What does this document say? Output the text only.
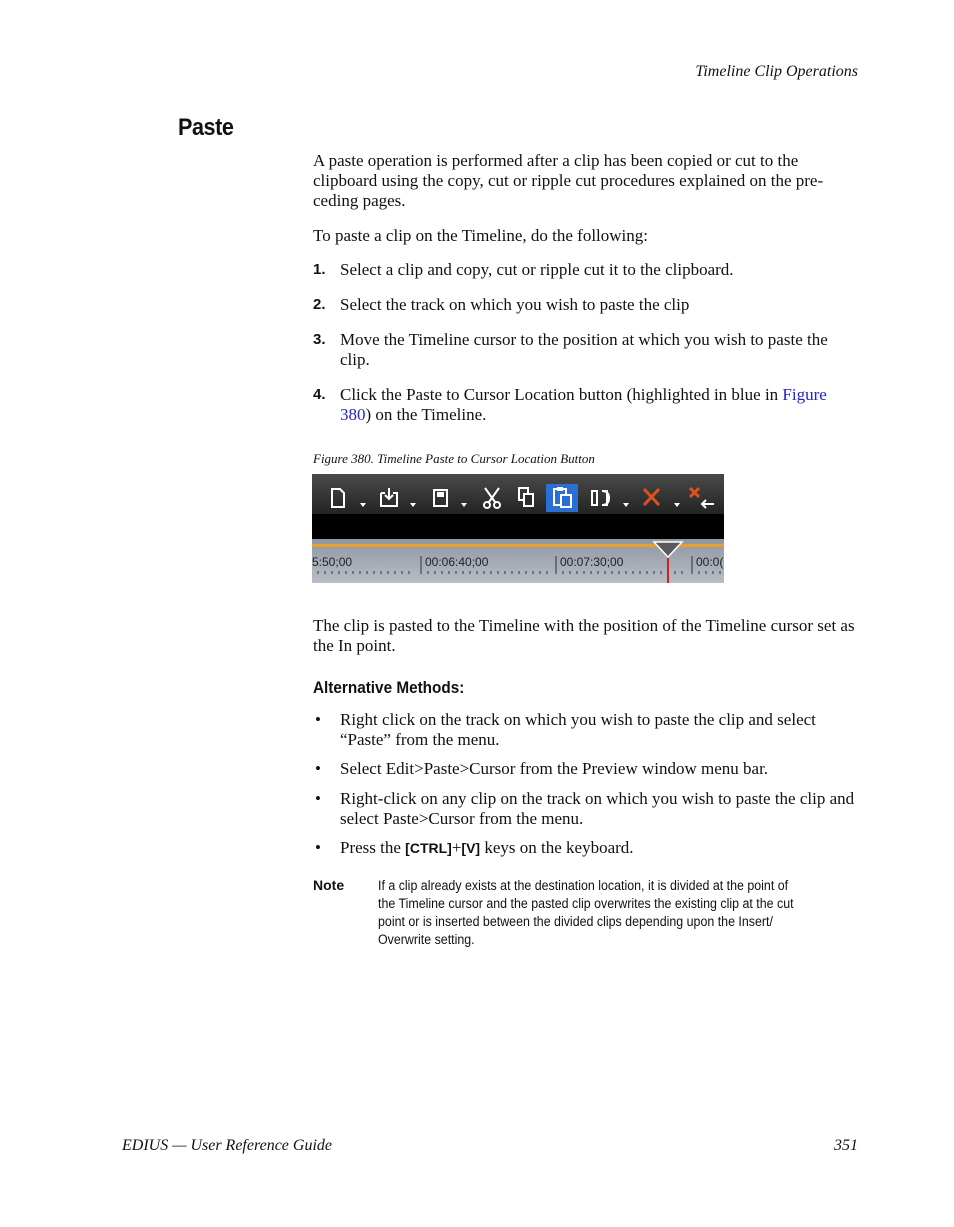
Timeline Clip Operations
Paste

A paste operation is performed after a clip has been copied or cut to the clipboard using the copy, cut or ripple cut procedures explained on the pre-ceding pages.

To paste a clip on the Timeline, do the following:

1. Select a clip and copy, cut or ripple cut it to the clipboard.
2. Select the track on which you wish to paste the clip
3. Move the Timeline cursor to the position at which you wish to paste the clip.
4. Click the Paste to Cursor Location button (highlighted in blue in Figure 380) on the Timeline.
Figure 380. Timeline Paste to Cursor Location Button
5:50;00	00:06:40;00	00:07:30;00	00:0(

The clip is pasted to the Timeline with the position of the Timeline cursor set as the In point.

Alternative Methods:
• Right click on the track on which you wish to paste the clip and select “Paste” from the menu.
• Select Edit>Paste>Cursor from the Preview window menu bar.
• Right-click on any clip on the track on which you wish to paste the clip and select Paste>Cursor from the menu.
• Press the [CTRL]+[V] keys on the keyboard.
Note	If a clip already exists at the destination location, it is divided at the point of the Timeline cursor and the pasted clip overwrites the existing clip at the cut point or is inserted between the divided clips depending upon the Insert/ Overwrite setting.
EDIUS — User Reference Guide	351
